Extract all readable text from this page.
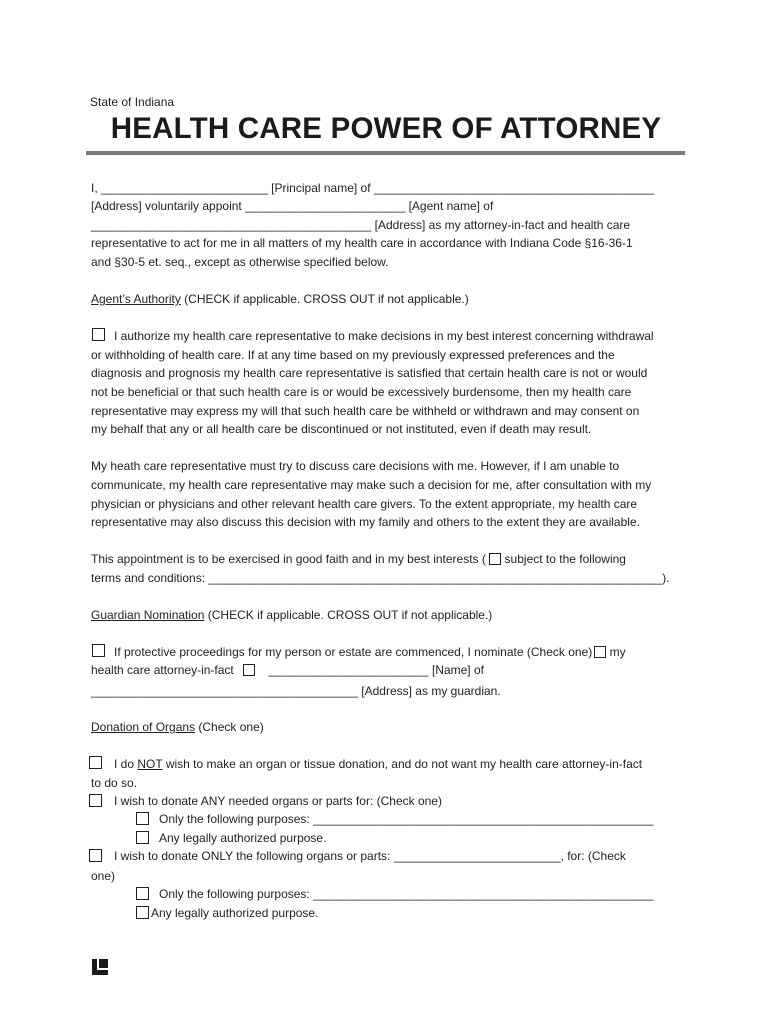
State of Indiana
HEALTH CARE POWER OF ATTORNEY
I, _________________________ [Principal name] of __________________________________________
[Address] voluntarily appoint ________________________ [Agent name] of
__________________________________________ [Address] as my attorney-in-fact and health care
representative to act for me in all matters of my health care in accordance with Indiana Code §16-36-1
and §30-5 et. seq., except as otherwise specified below.
Agent’s Authority (CHECK if applicable. CROSS OUT if not applicable.)
I authorize my health care representative to make decisions in my best interest concerning withdrawal
or withholding of health care. If at any time based on my previously expressed preferences and the
diagnosis and prognosis my health care representative is satisfied that certain health care is not or would
not be beneficial or that such health care is or would be excessively burdensome, then my health care
representative may express my will that such health care be withheld or withdrawn and may consent on
my behalf that any or all health care be discontinued or not instituted, even if death may result.
My heath care representative must try to discuss care decisions with me. However, if I am unable to
communicate, my health care representative may make such a decision for me, after consultation with my
physician or physicians and other relevant health care givers. To the extent appropriate, my health care
representative may also discuss this decision with my family and others to the extent they are available.
This appointment is to be exercised in good faith and in my best interests (  subject to the following
terms and conditions: ____________________________________________________________________).
Guardian Nomination (CHECK if applicable. CROSS OUT if not applicable.)
If protective proceedings for my person or estate are commenced, I nominate (Check one) my
health care attorney-in-fact	________________________ [Name] of
________________________________________ [Address] as my guardian.
Donation of Organs (Check one)
I do NOT wish to make an organ or tissue donation, and do not want my health care attorney-in-fact
to do so.
I wish to donate ANY needed organs or parts for: (Check one)
Only the following purposes: ___________________________________________________
Any legally authorized purpose.
I wish to donate ONLY the following organs or parts: _________________________, for: (Check
one)
Only the following purposes: ___________________________________________________
Any legally authorized purpose.
